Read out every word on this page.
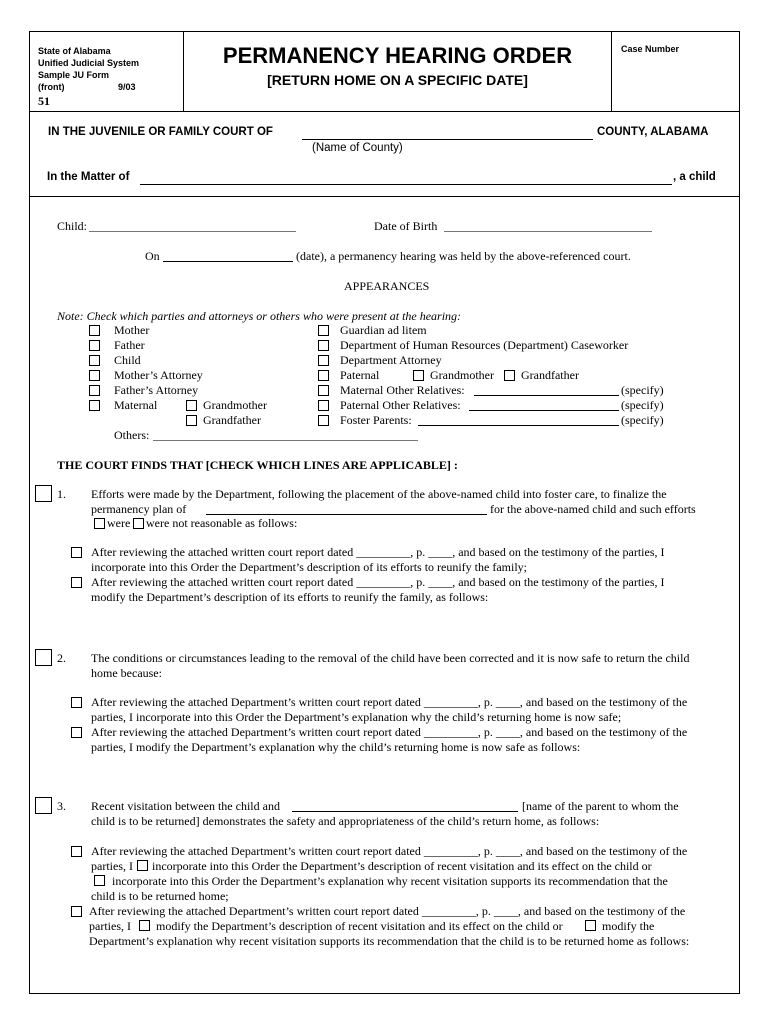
State of Alabama
Unified Judicial System
Sample JU Form
(front)	9/03
51
PERMANENCY HEARING ORDER
[RETURN HOME ON A SPECIFIC DATE]
Case Number
IN THE JUVENILE OR FAMILY COURT OF	COUNTY, ALABAMA
(Name of County)
In the Matter of	, a child
Child:	Date of Birth
On	(date), a permanency hearing was held by the above-referenced court.
APPEARANCES
Note: Check which parties and attorneys or others who were present at the hearing:
Mother
Father
Child
Mother’s Attorney
Father’s Attorney
Maternal	Grandmother
Grandfather
Others:
Guardian ad litem
Department of Human Resources (Department) Caseworker
Department Attorney
Paternal	Grandmother Grandfather
Maternal Other Relatives:	(specify)
Paternal Other Relatives:	(specify)
Foster Parents:	(specify)
THE COURT FINDS THAT [CHECK WHICH LINES ARE APPLICABLE] :
1. Efforts were made by the Department, following the placement of the above-named child into foster care, to finalize the
permanency plan of	for the above-named child and such efforts
were were not reasonable as follows:
After reviewing the attached written court report dated _________, p. ____, and based on the testimony of the parties, I
incorporate into this Order the Department’s description of its efforts to reunify the family;
After reviewing the attached written court report dated _________, p. ____, and based on the testimony of the parties, I
modify the Department’s description of its efforts to reunify the family, as follows:
2. The conditions or circumstances leading to the removal of the child have been corrected and it is now safe to return the child
home because:
After reviewing the attached Department’s written court report dated _________, p. ____, and based on the testimony of the
parties, I incorporate into this Order the Department’s explanation why the child’s returning home is now safe;
After reviewing the attached Department’s written court report dated _________, p. ____, and based on the testimony of the
parties, I modify the Department’s explanation why the child’s returning home is now safe as follows:
3. Recent visitation between the child and	[name of the parent to whom the
child is to be returned] demonstrates the safety and appropriateness of the child’s return home, as follows:
After reviewing the attached Department’s written court report dated _________, p. ____, and based on the testimony of the
parties, I incorporate into this Order the Department’s description of recent visitation and its effect on the child or
incorporate into this Order the Department’s explanation why recent visitation supports its recommendation that the
child is to be returned home;
After reviewing the attached Department’s written court report dated _________, p. ____, and based on the testimony of the
parties, I modify the Department’s description of recent visitation and its effect on the child or	modify the
Department’s explanation why recent visitation supports its recommendation that the child is to be returned home as follows:
